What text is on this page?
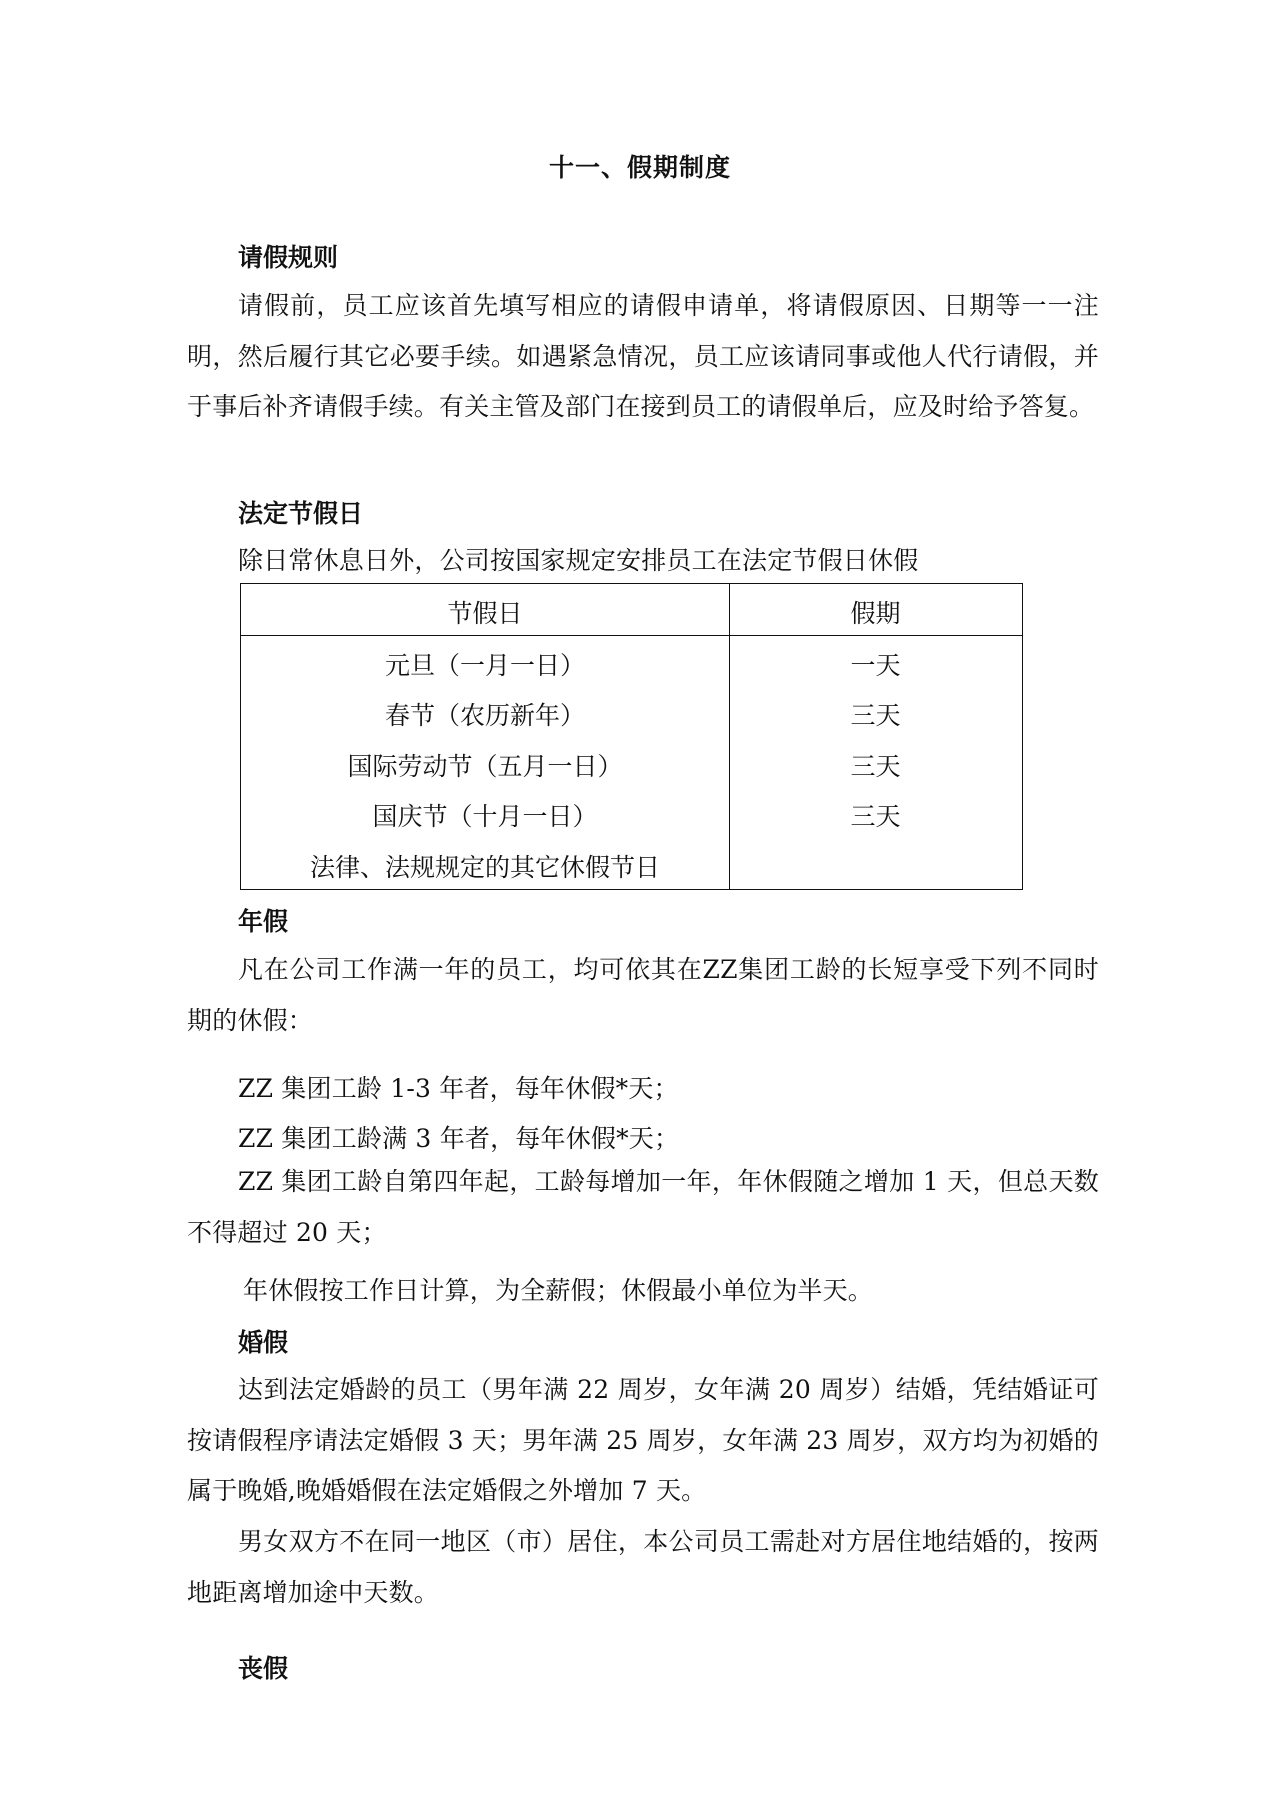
十一、假期制度
请假规则
请假前，员工应该首先填写相应的请假申请单，将请假原因、日期等一一注明，然后履行其它必要手续。如遇紧急情况，员工应该请同事或他人代行请假，并于事后补齐请假手续。有关主管及部门在接到员工的请假单后，应及时给予答复。
法定节假日
除日常休息日外，公司按国家规定安排员工在法定节假日休假
节假日	假期
元旦（一月一日）	一天
春节（农历新年）	三天
国际劳动节（五月一日）	三天
国庆节（十月一日）	三天
法律、法规规定的其它休假节日
年假
凡在公司工作满一年的员工，均可依其在ZZ集团工龄的长短享受下列不同时期的休假：
ZZ 集团工龄 1-3 年者，每年休假*天；
ZZ 集团工龄满 3 年者，每年休假*天；
ZZ 集团工龄自第四年起，工龄每增加一年，年休假随之增加 1 天，但总天数不得超过 20 天；
年休假按工作日计算，为全薪假；休假最小单位为半天。
婚假
达到法定婚龄的员工（男年满 22 周岁，女年满 20 周岁）结婚，凭结婚证可按请假程序请法定婚假 3 天；男年满 25 周岁，女年满 23 周岁，双方均为初婚的属于晚婚,晚婚婚假在法定婚假之外增加 7 天。
男女双方不在同一地区（市）居住，本公司员工需赴对方居住地结婚的，按两地距离增加途中天数。
丧假
